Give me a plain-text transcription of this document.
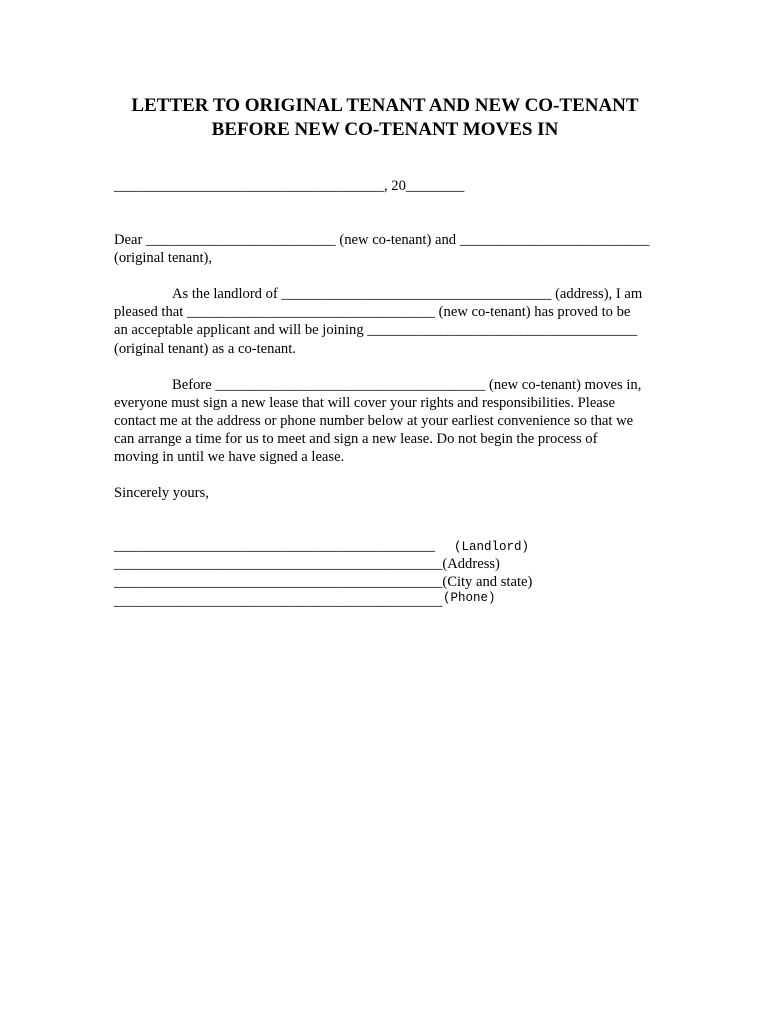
LETTER TO ORIGINAL TENANT AND NEW CO-TENANT
BEFORE NEW CO-TENANT MOVES IN
_____________________________________, 20________
Dear __________________________ (new co-tenant) and __________________________
(original tenant),
As the landlord of _____________________________________ (address), I am
pleased that __________________________________ (new co-tenant) has proved to be
an acceptable applicant and will be joining _____________________________________
(original tenant) as a co-tenant.
Before _____________________________________ (new co-tenant) moves in,
everyone must sign a new lease that will cover your rights and responsibilities. Please
contact me at the address or phone number below at your earliest convenience so that we
can arrange a time for us to meet and sign a new lease. Do not begin the process of
moving in until we have signed a lease.
Sincerely yours,
____________________________________________ (Landlord)
_____________________________________________(Address)
_____________________________________________(City and state)
(Phone)
_____________________________________________
